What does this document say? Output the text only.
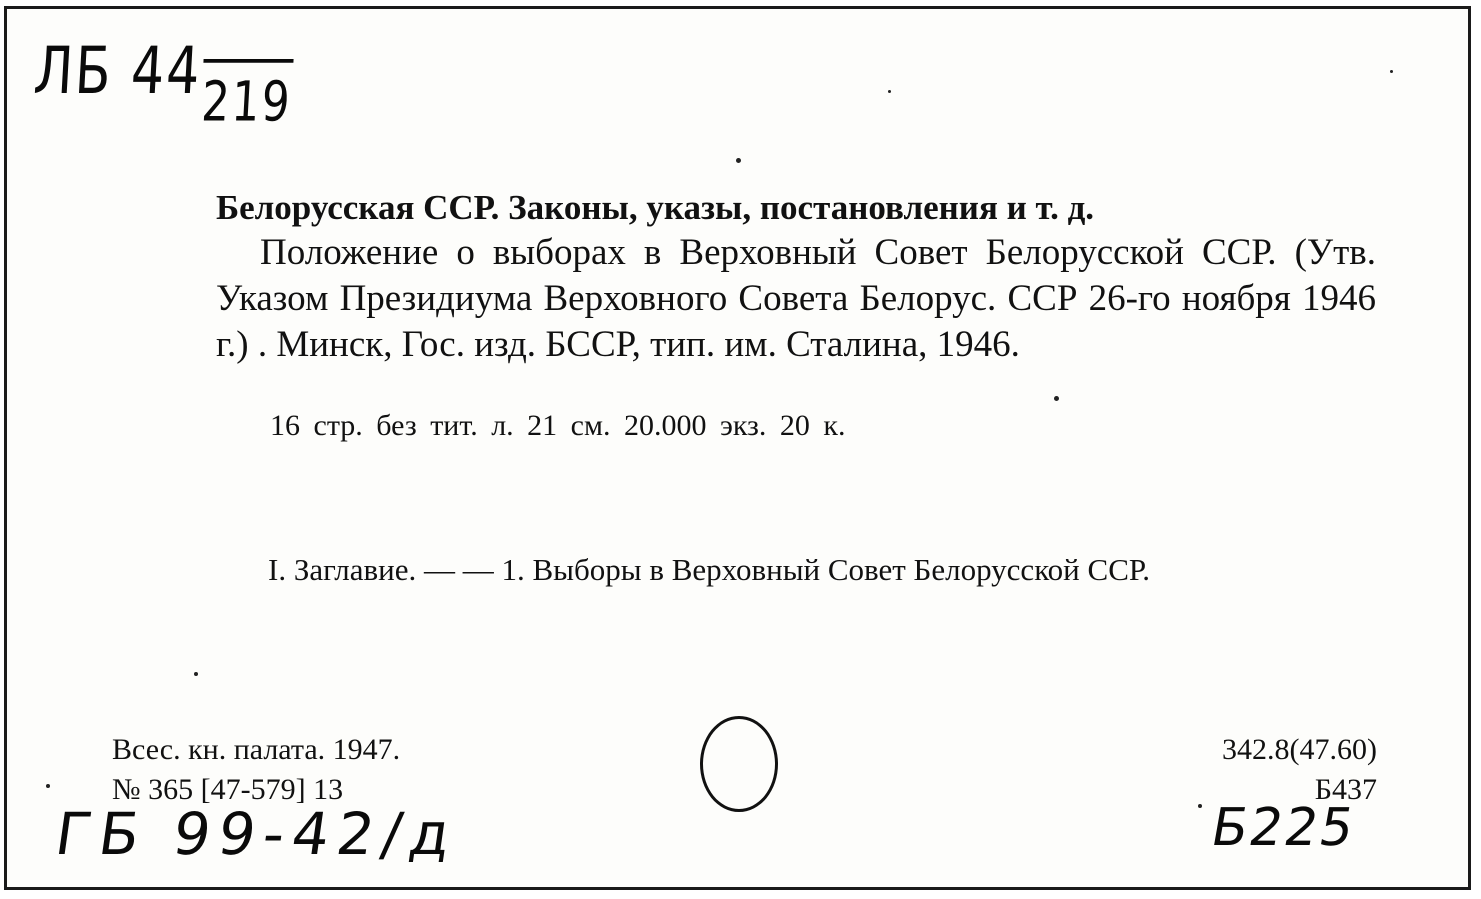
ЛБ 44219
Белорусская ССР. Законы, указы, постановления и т. д.
Положение о выборах в Верховный Совет Белорусской ССР. (Утв. Указом Президиума Верховного Совета Белорус. ССР 26-го ноября 1946 г.) . Минск, Гос. изд. БССР, тип. им. Сталина, 1946.
16 стр. без тит. л. 21 см. 20.000 экз. 20 к.
I. Заглавие. — — 1. Выборы в Верховный Совет Белорусской ССР.
Всес. кн. палата. 1947.
№ 365 [47-579] 13
342.8(47.60)
Б437
ГБ 99-42/д	Б225
